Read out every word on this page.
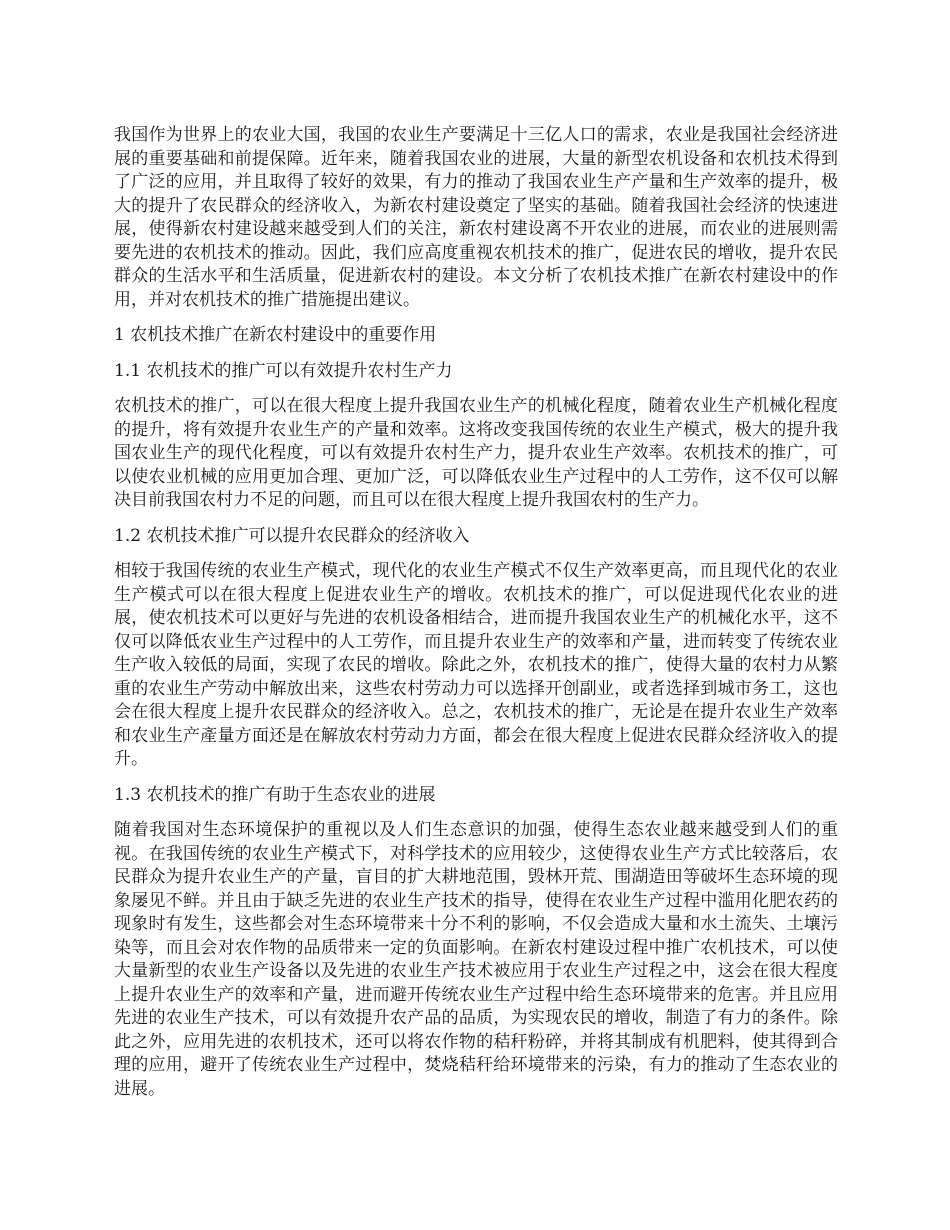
我国作为世界上的农业大国，我国的农业生产要满足十三亿人口的需求，农业是我国社会经济进展的重要基础和前提保障。近年来，随着我国农业的进展，大量的新型农机设备和农机技术得到了广泛的应用，并且取得了较好的效果，有力的推动了我国农业生产产量和生产效率的提升，极大的提升了农民群众的经济收入，为新农村建设奠定了坚实的基础。随着我国社会经济的快速进展，使得新农村建设越来越受到人们的关注，新农村建设离不开农业的进展，而农业的进展则需要先进的农机技术的推动。因此，我们应高度重视农机技术的推广，促进农民的增收，提升农民群众的生活水平和生活质量，促进新农村的建设。本文分析了农机技术推广在新农村建设中的作用，并对农机技术的推广措施提出建议。

1 农机技术推广在新农村建设中的重要作用

1.1 农机技术的推广可以有效提升农村生产力

农机技术的推广，可以在很大程度上提升我国农业生产的机械化程度，随着农业生产机械化程度的提升，将有效提升农业生产的产量和效率。这将改变我国传统的农业生产模式，极大的提升我国农业生产的现代化程度，可以有效提升农村生产力，提升农业生产效率。农机技术的推广，可以使农业机械的应用更加合理、更加广泛，可以降低农业生产过程中的人工劳作，这不仅可以解决目前我国农村力不足的问题，而且可以在很大程度上提升我国农村的生产力。

1.2 农机技术推广可以提升农民群众的经济收入

相较于我国传统的农业生产模式，现代化的农业生产模式不仅生产效率更高，而且现代化的农业生产模式可以在很大程度上促进农业生产的增收。农机技术的推广，可以促进现代化农业的进展，使农机技术可以更好与先进的农机设备相结合，进而提升我国农业生产的机械化水平，这不仅可以降低农业生产过程中的人工劳作，而且提升农业生产的效率和产量，进而转变了传统农业生产收入较低的局面，实现了农民的增收。除此之外，农机技术的推广，使得大量的农村力从繁重的农业生产劳动中解放出来，这些农村劳动力可以选择开创副业，或者选择到城市务工，这也会在很大程度上提升农民群众的经济收入。总之，农机技术的推广，无论是在提升农业生产效率和农业生产產量方面还是在解放农村劳动力方面，都会在很大程度上促进农民群众经济收入的提升。

1.3 农机技术的推广有助于生态农业的进展

随着我国对生态环境保护的重视以及人们生态意识的加强，使得生态农业越来越受到人们的重视。在我国传统的农业生产模式下，对科学技术的应用较少，这使得农业生产方式比较落后，农民群众为提升农业生产的产量，盲目的扩大耕地范围，毁林开荒、围湖造田等破坏生态环境的现象屡见不鲜。并且由于缺乏先进的农业生产技术的指导，使得在农业生产过程中滥用化肥农药的现象时有发生，这些都会对生态环境带来十分不利的影响，不仅会造成大量和水土流失、土壤污染等，而且会对农作物的品质带来一定的负面影响。在新农村建设过程中推广农机技术，可以使大量新型的农业生产设备以及先进的农业生产技术被应用于农业生产过程之中，这会在很大程度上提升农业生产的效率和产量，进而避开传统农业生产过程中给生态环境带来的危害。并且应用先进的农业生产技术，可以有效提升农产品的品质，为实现农民的增收，制造了有力的条件。除此之外，应用先进的农机技术，还可以将农作物的秸秆粉碎，并将其制成有机肥料，使其得到合理的应用，避开了传统农业生产过程中，焚烧秸秆给环境带来的污染，有力的推动了生态农业的进展。
